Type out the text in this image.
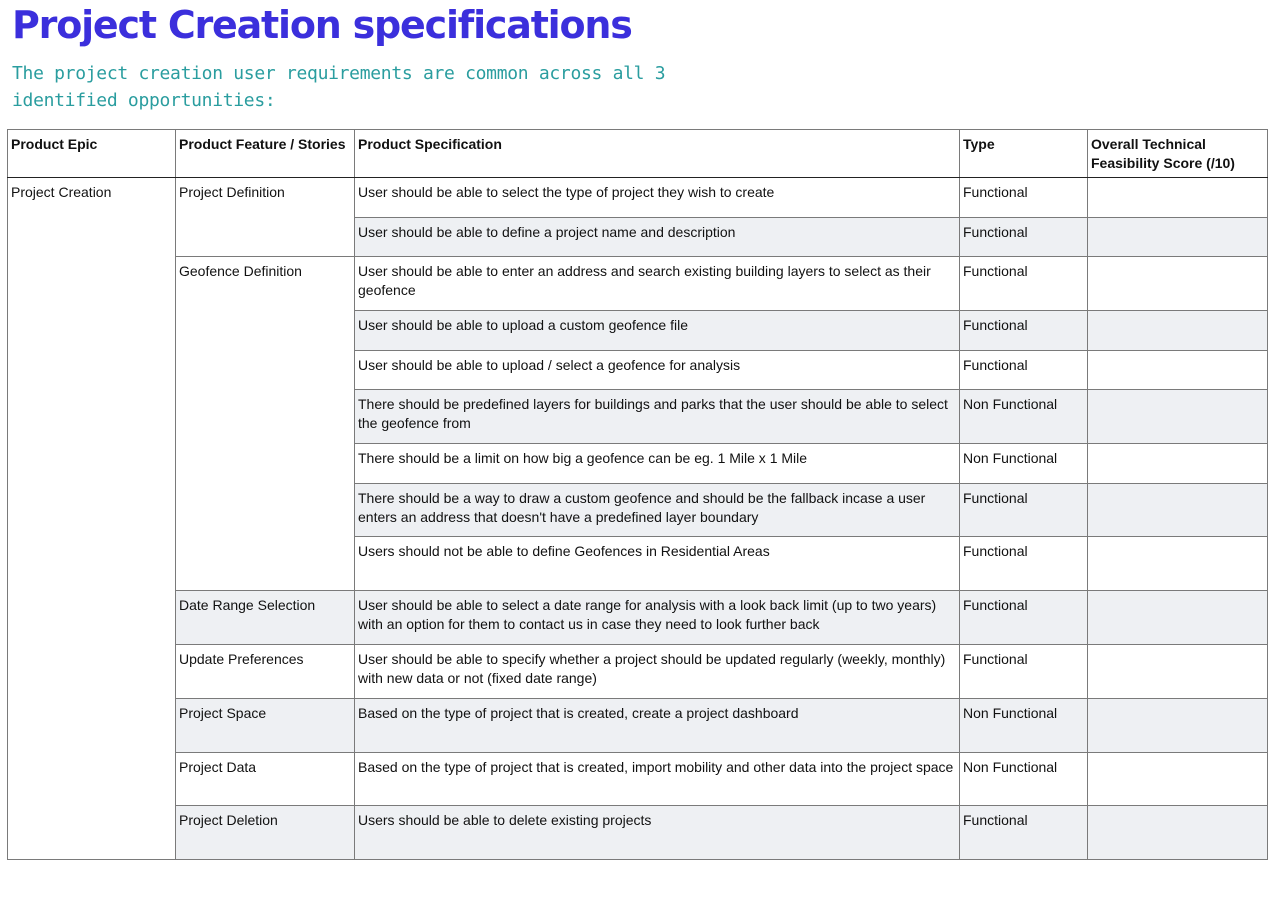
Project Creation specifications

The project creation user requirements are common across all 3 identified opportunities:

Product Epic	Product Feature / Stories	Product Specification	Type	Overall Technical Feasibility Score (/10)
Project Creation	Project Definition	User should be able to select the type of project they wish to create	Functional	
		User should be able to define a project name and description	Functional	
	Geofence Definition	User should be able to enter an address and search existing building layers to select as their geofence	Functional	
		User should be able to upload a custom geofence file	Functional	
		User should be able to upload / select a geofence for analysis	Functional	
		There should be predefined layers for buildings and parks that the user should be able to select the geofence from	Non Functional	
		There should be a limit on how big a geofence can be eg. 1 Mile x 1 Mile	Non Functional	
		There should be a way to draw a custom geofence and should be the fallback incase a user enters an address that doesn't have a predefined layer boundary	Functional	
		Users should not be able to define Geofences in Residential Areas	Functional	
	Date Range Selection	User should be able to select a date range for analysis with a look back limit (up to two years) with an option for them to contact us in case they need to look further back	Functional	
	Update Preferences	User should be able to specify whether a project should be updated regularly (weekly, monthly) with new data or not (fixed date range)	Functional	
	Project Space	Based on the type of project that is created, create a project dashboard	Non Functional	
	Project Data	Based on the type of project that is created, import mobility and other data into the project space	Non Functional	
	Project Deletion	Users should be able to delete existing projects	Functional	
